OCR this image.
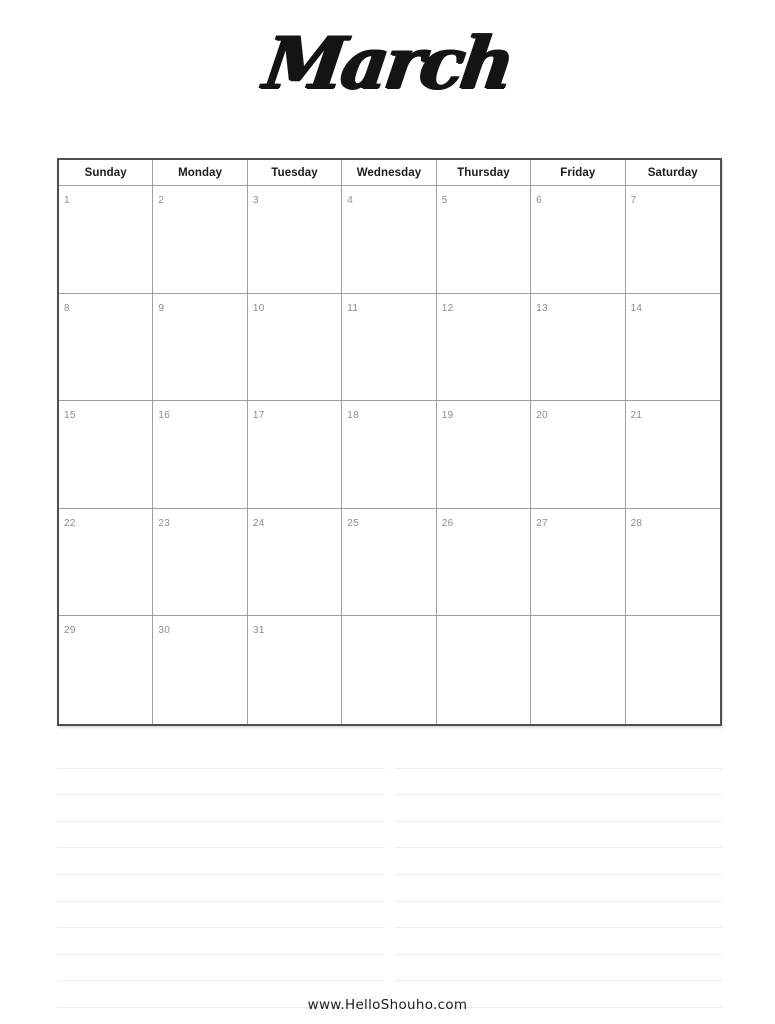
March
Sunday	Monday	Tuesday	Wednesday	Thursday	Friday	Saturday
1	2	3	4	5	6	7
8	9	10	11	12	13	14
15	16	17	18	19	20	21
22	23	24	25	26	27	28
29	30	31
www.HelloShouho.com
